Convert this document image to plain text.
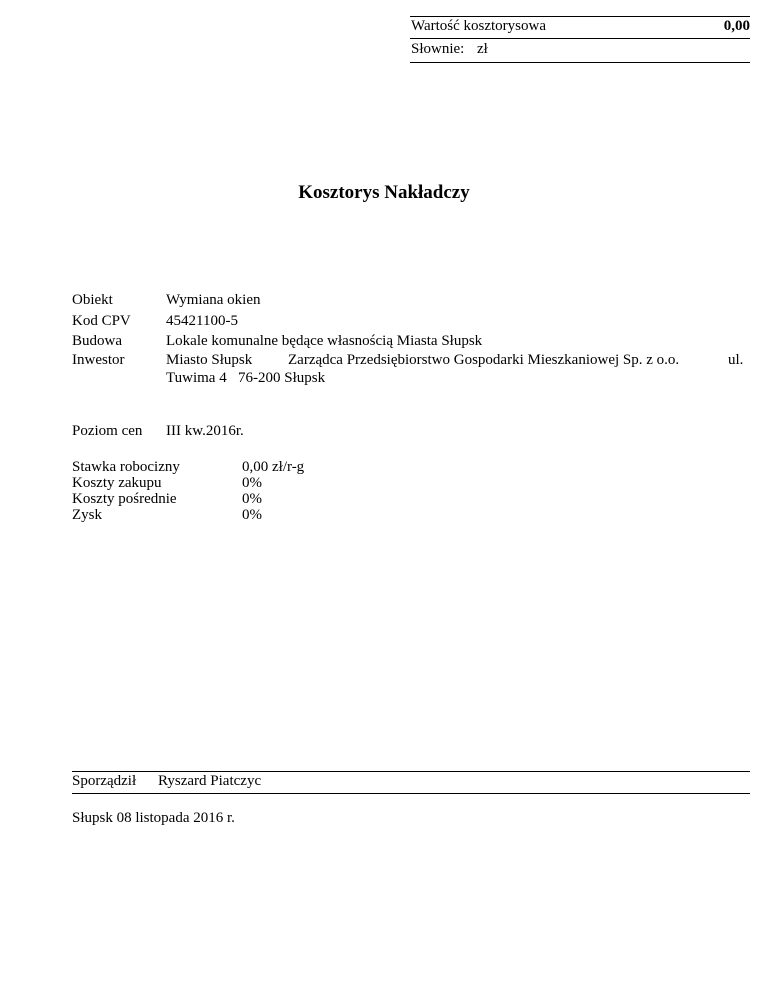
Wartość kosztorysowa	0,00
Słownie: zł
Kosztorys Nakładczy
Obiekt	Wymiana okien
Kod CPV 45421100-5
Budowa	Lokale komunalne będące własnością Miasta Słupsk
Inwestor	Miasto Słupsk Zarządca Przedsiębiorstwo Gospodarki Mieszkaniowej Sp. z o.o.	ul.
Tuwima 4 76-200 Słupsk
Poziom cen III kw.2016r.
Stawka robocizny	0,00 zł/r-g
Koszty zakupu	0%
Koszty pośrednie	0%
Zysk	0%
Sporządził Ryszard Piatczyc
Słupsk 08 listopada 2016 r.
